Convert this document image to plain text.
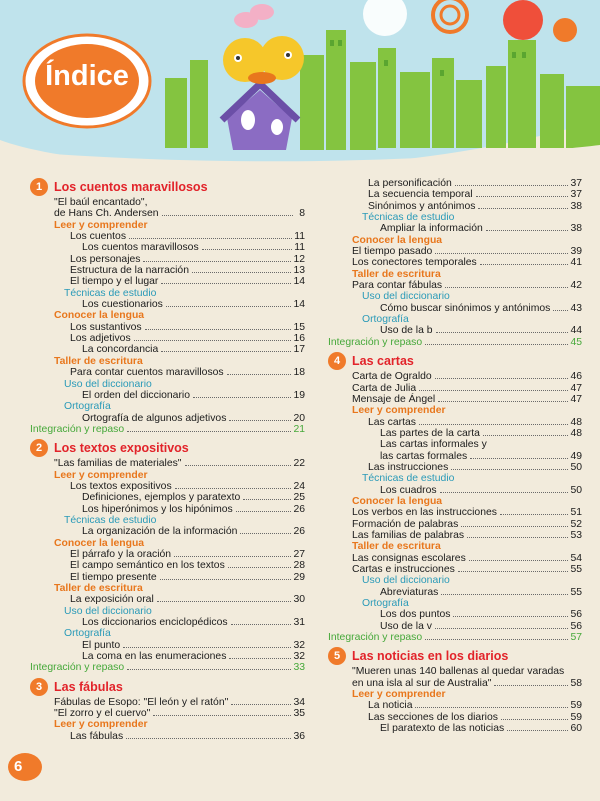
Índice
1 Los cuentos maravillosos
"El baúl encantado",
de Hans Ch. Andersen	8
Leer y comprender
Los cuentos	11
Los cuentos maravillosos	11
Los personajes	12
Estructura de la narración	13
El tiempo y el lugar	14
Técnicas de estudio
Los cuestionarios	14
Conocer la lengua
Los sustantivos	15
Los adjetivos	16
La concordancia	17
Taller de escritura
Para contar cuentos maravillosos	18
Uso del diccionario
El orden del diccionario	19
Ortografía
Ortografía de algunos adjetivos	20
Integración y repaso	21
2 Los textos expositivos
"Las familias de materiales"	22
Leer y comprender
Los textos expositivos	24
Definiciones, ejemplos y paratexto	25
Los hiperónimos y los hipónimos	26
Técnicas de estudio
La organización de la información	26
Conocer la lengua
El párrafo y la oración	27
El campo semántico en los textos	28
El tiempo presente	29
Taller de escritura
La exposición oral	30
Uso del diccionario
Los diccionarios enciclopédicos	31
Ortografía
El punto	32
La coma en las enumeraciones	32
Integración y repaso	33
3 Las fábulas
Fábulas de Esopo: "El león y el ratón"	34
"El zorro y el cuervo"	35
Leer y comprender
Las fábulas	36
La personificación	37
La secuencia temporal	37
Sinónimos y antónimos	38
Técnicas de estudio
Ampliar la información	38
Conocer la lengua
El tiempo pasado	39
Los conectores temporales	41
Taller de escritura
Para contar fábulas	42
Uso del diccionario
Cómo buscar sinónimos y antónimos 43
Ortografía
Uso de la b	44
Integración y repaso	45
4 Las cartas
Carta de Ograldo	46
Carta de Julia	47
Mensaje de Ángel	47
Leer y comprender
Las cartas	48
Las partes de la carta	48
Las cartas informales y
las cartas formales	49
Las instrucciones	50
Técnicas de estudio
Los cuadros	50
Conocer la lengua
Los verbos en las instrucciones	51
Formación de palabras	52
Las familias de palabras	53
Taller de escritura
Las consignas escolares	54
Cartas e instrucciones	55
Uso del diccionario
Abreviaturas	55
Ortografía
Los dos puntos	56
Uso de la v	56
Integración y repaso	57
5 Las noticias en los diarios
"Mueren unas 140 ballenas al quedar varadas
en una isla al sur de Australia"	58
Leer y comprender
La noticia	59
Las secciones de los diarios	59
El paratexto de las noticias	60
6
